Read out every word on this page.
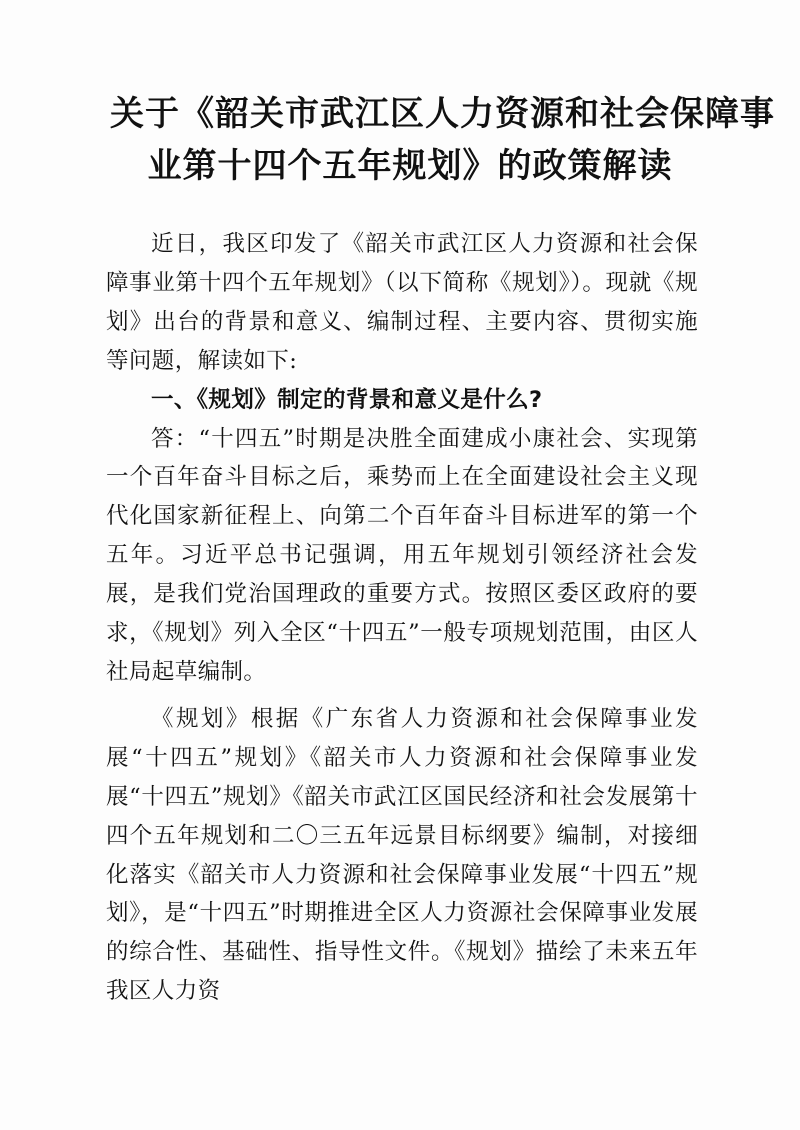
关于《韶关市武江区人力资源和社会保障事
业第十四个五年规划》的政策解读

近日，我区印发了《韶关市武江区人力资源和社会保障事业第十四个五年规划》（以下简称《规划》）。现就《规划》出台的背景和意义、编制过程、主要内容、贯彻实施等问题，解读如下:

一、《规划》制定的背景和意义是什么?

答：“十四五”时期是决胜全面建成小康社会、实现第一个百年奋斗目标之后，乘势而上在全面建设社会主义现代化国家新征程上、向第二个百年奋斗目标进军的第一个五年。习近平总书记强调，用五年规划引领经济社会发展，是我们党治国理政的重要方式。按照区委区政府的要求，《规划》列入全区“十四五”一般专项规划范围，由区人社局起草编制。

《规划》根据《广东省人力资源和社会保障事业发展“十四五”规划》《韶关市人力资源和社会保障事业发展“十四五”规划》《韶关市武江区国民经济和社会发展第十四个五年规划和二〇三五年远景目标纲要》编制，对接细化落实《韶关市人力资源和社会保障事业发展“十四五”规划》，是“十四五”时期推进全区人力资源社会保障事业发展的综合性、基础性、指导性文件。《规划》描绘了未来五年我区人力资
